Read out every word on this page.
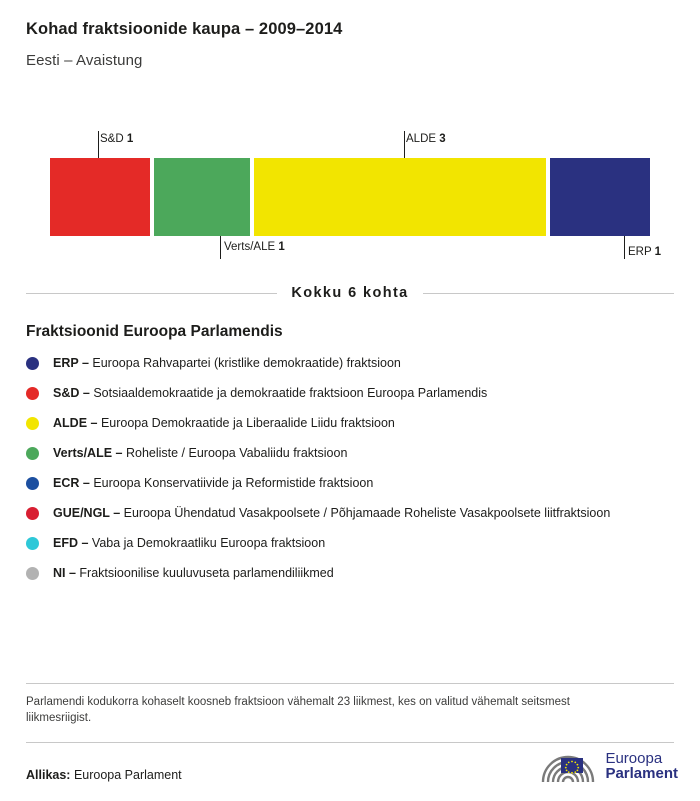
Kohad fraktsioonide kaupa – 2009–2014
Eesti – Avaistung
S&D 1	ALDE 3
Verts/ALE 1	ERP 1
Kokku 6 kohta
Fraktsioonid Euroopa Parlamendis
ERP – Euroopa Rahvapartei (kristlike demokraatide) fraktsioon
S&D – Sotsiaaldemokraatide ja demokraatide fraktsioon Euroopa Parlamendis
ALDE – Euroopa Demokraatide ja Liberaalide Liidu fraktsioon
Verts/ALE – Roheliste / Euroopa Vabaliidu fraktsioon
ECR – Euroopa Konservatiivide ja Reformistide fraktsioon
GUE/NGL – Euroopa Ühendatud Vasakpoolsete / Põhjamaade Roheliste Vasakpoolsete liitfraktsioon
EFD – Vaba ja Demokraatliku Euroopa fraktsioon
NI – Fraktsioonilise kuuluvuseta parlamendiliikmed
Parlamendi kodukorra kohaselt koosneb fraktsioon vähemalt 23 liikmest, kes on valitud vähemalt seitsmest liikmesriigist.
Allikas: Euroopa Parlament
Euroopa
Parlament
